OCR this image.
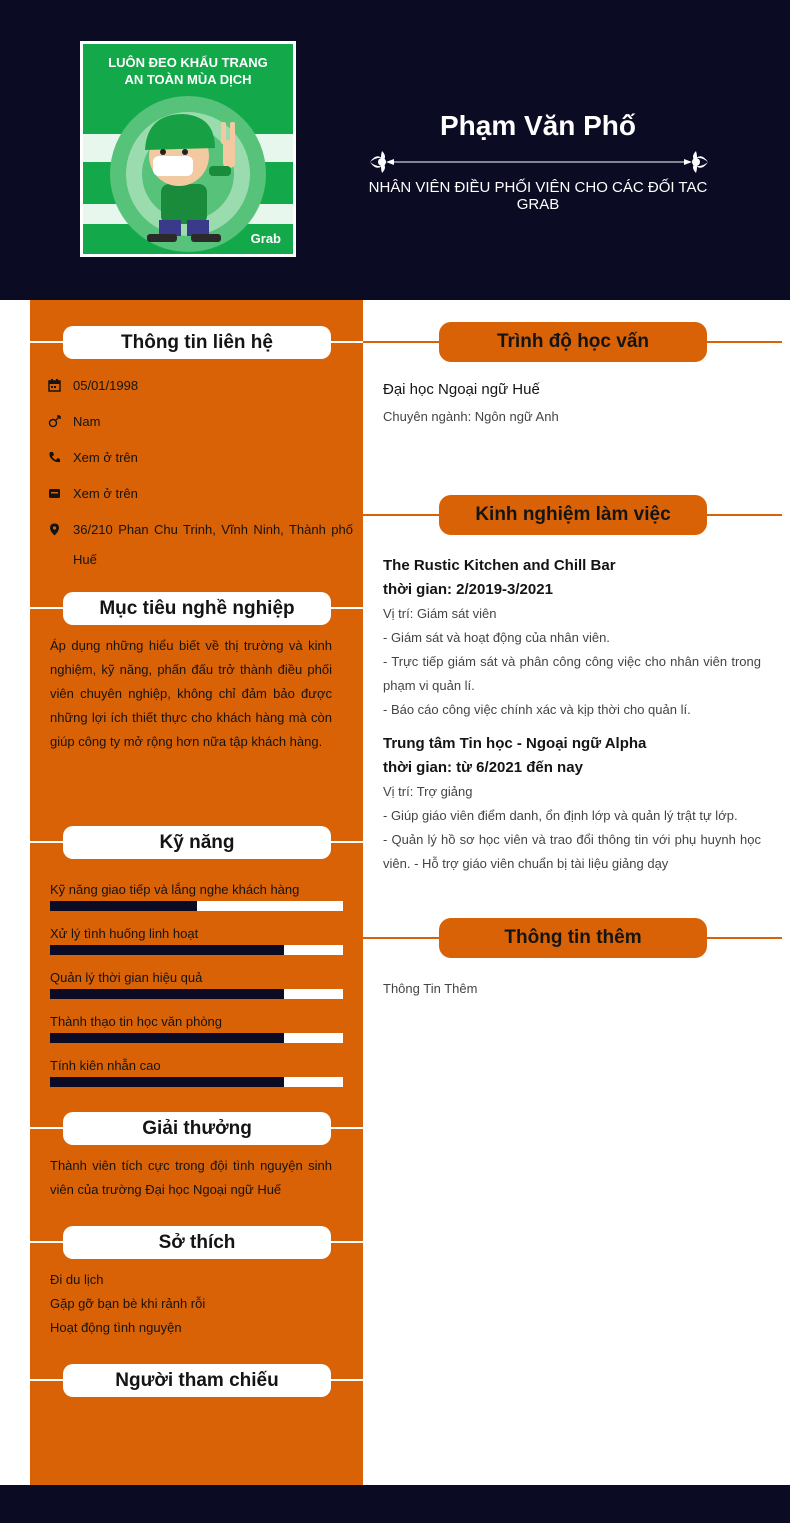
LUÔN ĐEO KHẨU TRANG
AN TOÀN MÙA DỊCH
Grab
Phạm Văn Phố
NHÂN VIÊN ĐIỀU PHỐI VIÊN CHO CÁC ĐỐI TAC GRAB
Thông tin liên hệ
05/01/1998
Nam
Xem ở trên
Xem ở trên
36/210 Phan Chu Trinh, Vĩnh Ninh, Thành phố Huế
Mục tiêu nghề nghiệp
Áp dụng những hiểu biết về thị trường và kinh nghiệm, kỹ năng, phấn đấu trở thành điều phối viên chuyên nghiệp, không chỉ đảm bảo được những lợi ích thiết thực cho khách hàng mà còn giúp công ty mở rộng hơn nữa tập khách hàng.
Kỹ năng
Kỹ năng giao tiếp và lắng nghe khách hàng
Xử lý tình huống linh hoạt
Quản lý thời gian hiệu quả
Thành thạo tin học văn phòng
Tính kiên nhẫn cao
Giải thưởng
Thành viên tích cực trong đội tình nguyện sinh viên của trường Đại học Ngoại ngữ Huế
Sở thích
Đi du lịch
Gặp gỡ bạn bè khi rảnh rỗi
Hoạt động tình nguyện
Người tham chiếu
Trình độ học vấn
Đại học Ngoại ngữ Huế
Chuyên ngành: Ngôn ngữ Anh
Kinh nghiệm làm việc
The Rustic Kitchen and Chill Bar
thời gian: 2/2019-3/2021
Vị trí: Giám sát viên
- Giám sát và hoạt động của nhân viên.
- Trực tiếp giám sát và phân công công việc cho nhân viên trong phạm vi quản lí.
- Báo cáo công việc chính xác và kịp thời cho quản lí.
Trung tâm Tin học - Ngoại ngữ Alpha
thời gian: từ 6/2021 đến nay
Vị trí: Trợ giảng
- Giúp giáo viên điểm danh, ổn định lớp và quản lý trật tự lớp.
- Quản lý hồ sơ học viên và trao đổi thông tin với phụ huynh học viên. - Hỗ trợ giáo viên chuẩn bị tài liệu giảng dạy
Thông tin thêm
Thông Tin Thêm
